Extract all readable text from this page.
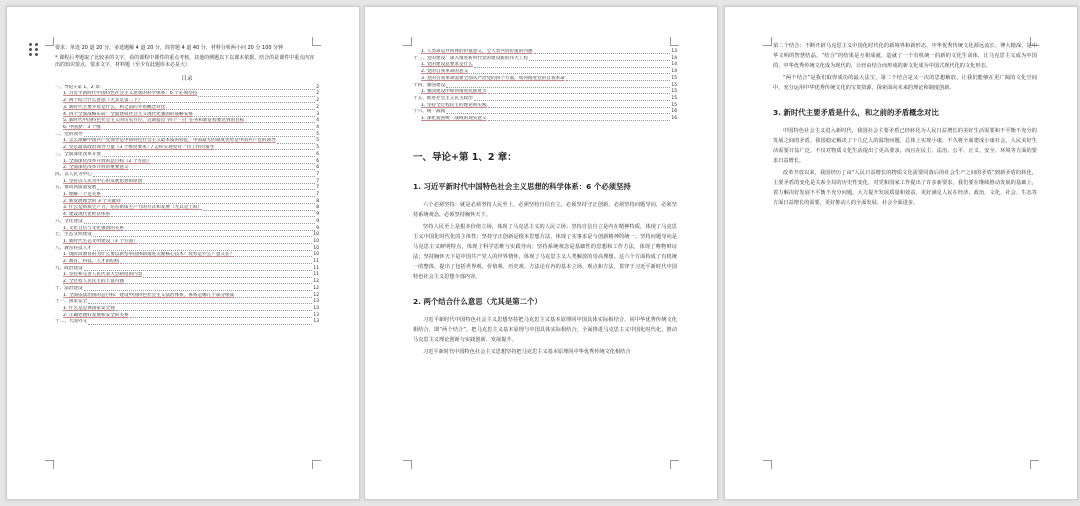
要求：单选 20 道 20 分，多选题解 4 道 20 分，简答题 4 道 40 分，材料分析两小问 20 分 100 分钟

* 课程后考题取了比较多的文字，看的课程中课件的重点考核，其他的例题以下以课本依据，结合的是课件中重点内容出的知识要点，要求文字，材料题（至少有此题库未必是大）

目录
一、导论+第 1、2 章：	2
1. 习近平新时代中国特色社会主义思想的科学体系：6 个必须坚持	2
2. 两个结合什么意思（尤其是第二个）	2
3. 新时代主要矛盾是什么，和之前的矛盾概念对比	2
4. 四个全面战略布局：全面建成社会主义现代化强国的战略安排	3
5. 新时代中国特色社会主义的历史方位，近期提出 '四个一百' 任务和新征程要达到的目标	4
6. 中国梦：3 个维	4
二、党的领导	5
1. 怎么理解中国共产党领导是中国特色社会主义最本质的特征，中国最大的制度优势是中国共产党的领导	5
2. 党是最高政治领导力量（3 个维度要求）/ 怎样实现党对一切工作的领导	5
三、全面深化改革开放	6
1. 全面深化改革开放的总目标（2 个方面）	6
2. 全面深化改革开放的重要意义	6
四、以人民为中心	7
1. 坚持以人民为中心的发展思想的原因	7
五、推动高质量发展	7
1. 理解一个是关系	7
2. 新发展理念的 3 个关键词	8
3. 什么是新质生产力，培育新质生产力的方式和发展（尤其是上海）	8
4. 建设现代化经济体系	9
六、文化建设	9
1. 文化自信与文化强国的关系	9
七、生态文明建设	10
1. 新时代生态文明建设（3 个方面）	10
八、教育科技人才	10
1. 现阶段教育的为什么要以新型举国体制推进关键核心技术？优势是什么？意义在？	10
2. 教育、科技、人才的结构	11
九、政治建设	11
1. 坚持和完善人民代表大会制度的内容	11
2. 全过程人民民主的丰富内涵	12
十、法治建设	12
1. 全面依法治国的总目标：建设中国特色社会主义法治体系，体系是哪几个部分组成	12
十一、国家安全	13
1. 什么是总体国家安全观	13
2. 正确处理好发展和安全的关系	13
十二、大国外交	13
1. 人类命运共同体的价值意义，全人类共同价值的内涵	13
十三、党的建设：深入推进新时代党的建设新的伟大工程	14
1. 党的建设总要求是什么	14
2. 党的自我革命的意义	14
3. 党的自我革命需要全面从严治党的四个方面，如何推进党的自我革命	15
十四、强国建设	15
1. 强国建设中如何推进民族复兴	15
十五、推进社会主义民主政治	15
1. 坚持全过程民主的理论和实践	15
十六、统一战线	16
1. 深化爱国统一战线的现实意义	16
一、导论+第 1、2 章：
1. 习近平新时代中国特色社会主义思想的科学体系：6 个必须坚持

六个必须坚持：就是必须坚持人民至上，必须坚持自信自立，必须坚持守正创新，必须坚持问题导向，必须坚持系统观念，必须坚持胸怀天下。

坚持人民至上是根本价值立场，体现了马克思主义的人民立场；坚持自信自立是内在精神特质，体现了马克思主义中国化时代化的主体性；坚持守正创新是根本思想方法，体现了实事求是与创新精神的统一；坚持问题导向是马克思主义鲜明特点，体现了科学思维与实践导向；坚持系统观念是基础性的思想和工作方法，体现了唯物辩证法；坚持胸怀天下是中国共产党人的世界情怀，体现了马克思主义人类解放的崇高理想。这六个方面构成了有机统一的整体，提出了包括世界观、价值观、历史观、方法论在内的基本立场、观点和方法，贯穿于习近平新时代中国特色社会主义思想全部内容。

2. 两个结合什么意思（尤其是第二个）

习近平新时代中国特色社会主义思想坚持把马克思主义基本原理同中国具体实际相结合，同中华优秀传统文化相结合，即“两个结合”，把马克思主义基本原理与中国具体实际相结合，全面推进马克思主义中国化时代化，推动马克思主义理论创新与实践创新、发展提升。

习近平新时代中国特色社会主义思想坚持把马克思主义基本原理同中华优秀传统文化相结合

第二个结合：不断开辟马克思主义中国化时代化的新境界和新形态，中华优秀传统文化源远流长、博大精深，是中华文明的智慧结晶，“结合”的结果是互相成就，造就了一个有机统一的新的文化生命体，让马克思主义成为中国的，中华优秀传统文化成为现代的，让经由结合而形成的新文化成为中国式现代化的文化形态。

“两个结合”是我们取得成功的最大法宝，第二个结合是又一次的思想解放，让我们能够在更广阔的文化空间中，充分运用中华优秀传统文化的宝贵资源，探索面向未来的理论和制度创新。

3. 新时代主要矛盾是什么，和之前的矛盾概念对比

中国特色社会主义进入新时代，我国社会主要矛盾已经转化为人民日益增长的美好生活需要和不平衡不充分的发展之间的矛盾。我国稳定解决了十几亿人的温饱问题，总体上实现小康，不久将全面建成小康社会，人民美好生活需要日益广泛，不仅对物质文化生活提出了更高要求，而且在民主、法治、公平、正义、安全、环境等方面的要求日益增长。

改革开放以来，我国经历了由“人民日益增长的物质文化需要同落后的社会生产之间的矛盾”到新矛盾的转化，主要矛盾的变化是关系全局的历史性变化，对党和国家工作提出了许多新要求。我们要在继续推动发展的基础上，着力解决好发展不平衡不充分问题，大力提升发展质量和效益，更好满足人民在经济、政治、文化、社会、生态等方面日益增长的需要，更好推动人的全面发展、社会全面进步。
